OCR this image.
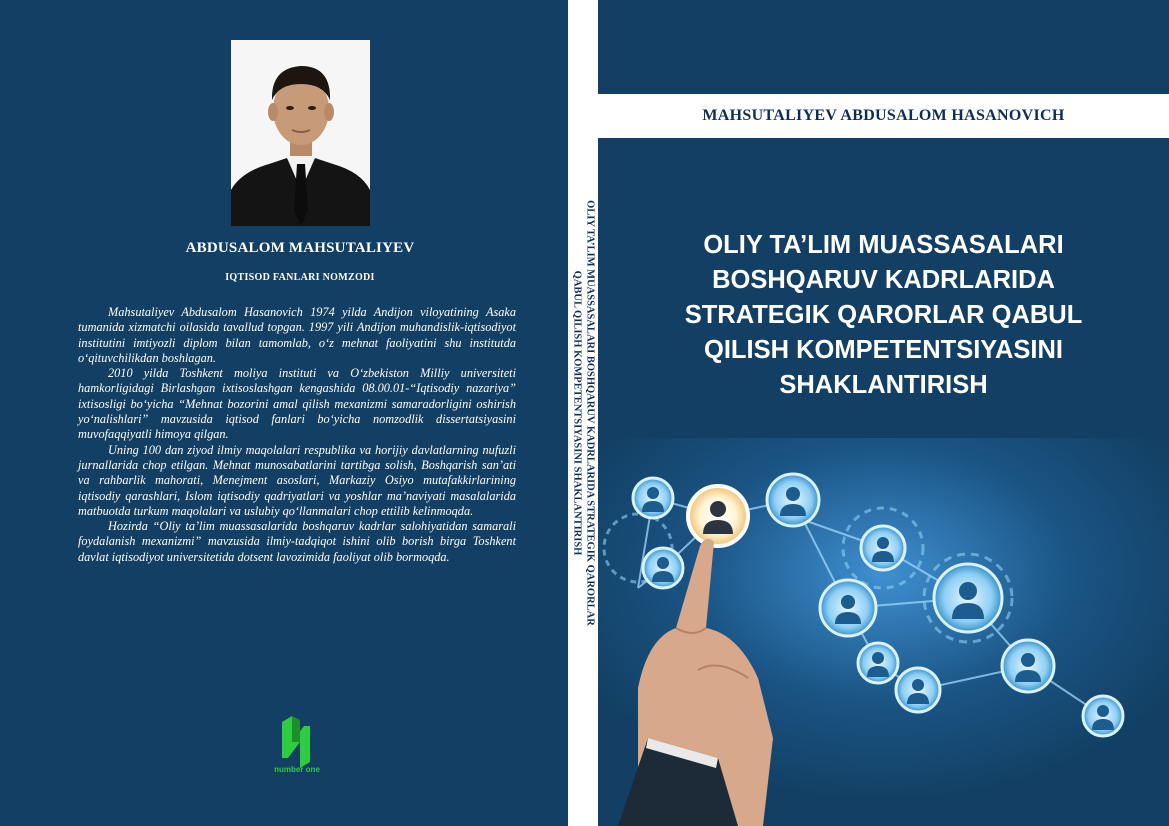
ABDUSALOM MAHSUTALIYEV
IQTISOD FANLARI NOMZODI

Mahsutaliyev Abdusalom Hasanovich 1974 yilda Andijon viloyatining Asaka tumanida xizmatchi oilasida tavallud topgan. 1997 yili Andijon muhandislik-iqtisodiyot institutini imtiyozli diplom bilan tamomlab, o‘z mehnat faoliyatini shu institutda o‘qituvchilikdan boshlagan.

2010 yilda Toshkent moliya instituti va O‘zbekiston Milliy universiteti hamkorligidagi Birlashgan ixtisoslashgan kengashida 08.00.01-“Iqtisodiy nazariya” ixtisosligi bo‘yicha “Mehnat bozorini amal qilish mexanizmi samaradorligini oshirish yo‘nalishlari” mavzusida iqtisod fanlari bo‘yicha nomzodlik dissertatsiyasini muvofaqqiyatli himoya qilgan.

Uning 100 dan ziyod ilmiy maqolalari respublika va horijiy davlatlarning nufuzli jurnallarida chop etilgan. Mehnat munosabatlarini tartibga solish, Boshqarish san’ati va rahbarlik mahorati, Menejment asoslari, Markaziy Osiyo mutafakkirlarining iqtisodiy qarashlari, Islom iqtisodiy qadriyatlari va yoshlar ma’naviyati masalalarida matbuotda turkum maqolalari va uslubiy qo‘llanmalari chop ettilib kelinmoqda.

Hozirda “Oliy ta’lim muassasalarida boshqaruv kadrlar salohiyatidan samarali foydalanish mexanizmi” mavzusida ilmiy-tadqiqot ishini olib borish birga Toshkent davlat iqtisodiyot universitetida dotsent lavozimida faoliyat olib bormoqda.

number one
OLIY TA’LIM MUASSASALARI BOSHQARUV KADRLARIDA STRATEGIK QARORLAR
QABUL QILISH KOMPETENTSIYASINI SHAKLANTIRISH
MAHSUTALIYEV ABDUSALOM HASANOVICH
OLIY TA’LIM MUASSASALARI
BOSHQARUV KADRLARIDA
STRATEGIK QARORLAR QABUL
QILISH KOMPETENTSIYASINI
SHAKLANTIRISH
